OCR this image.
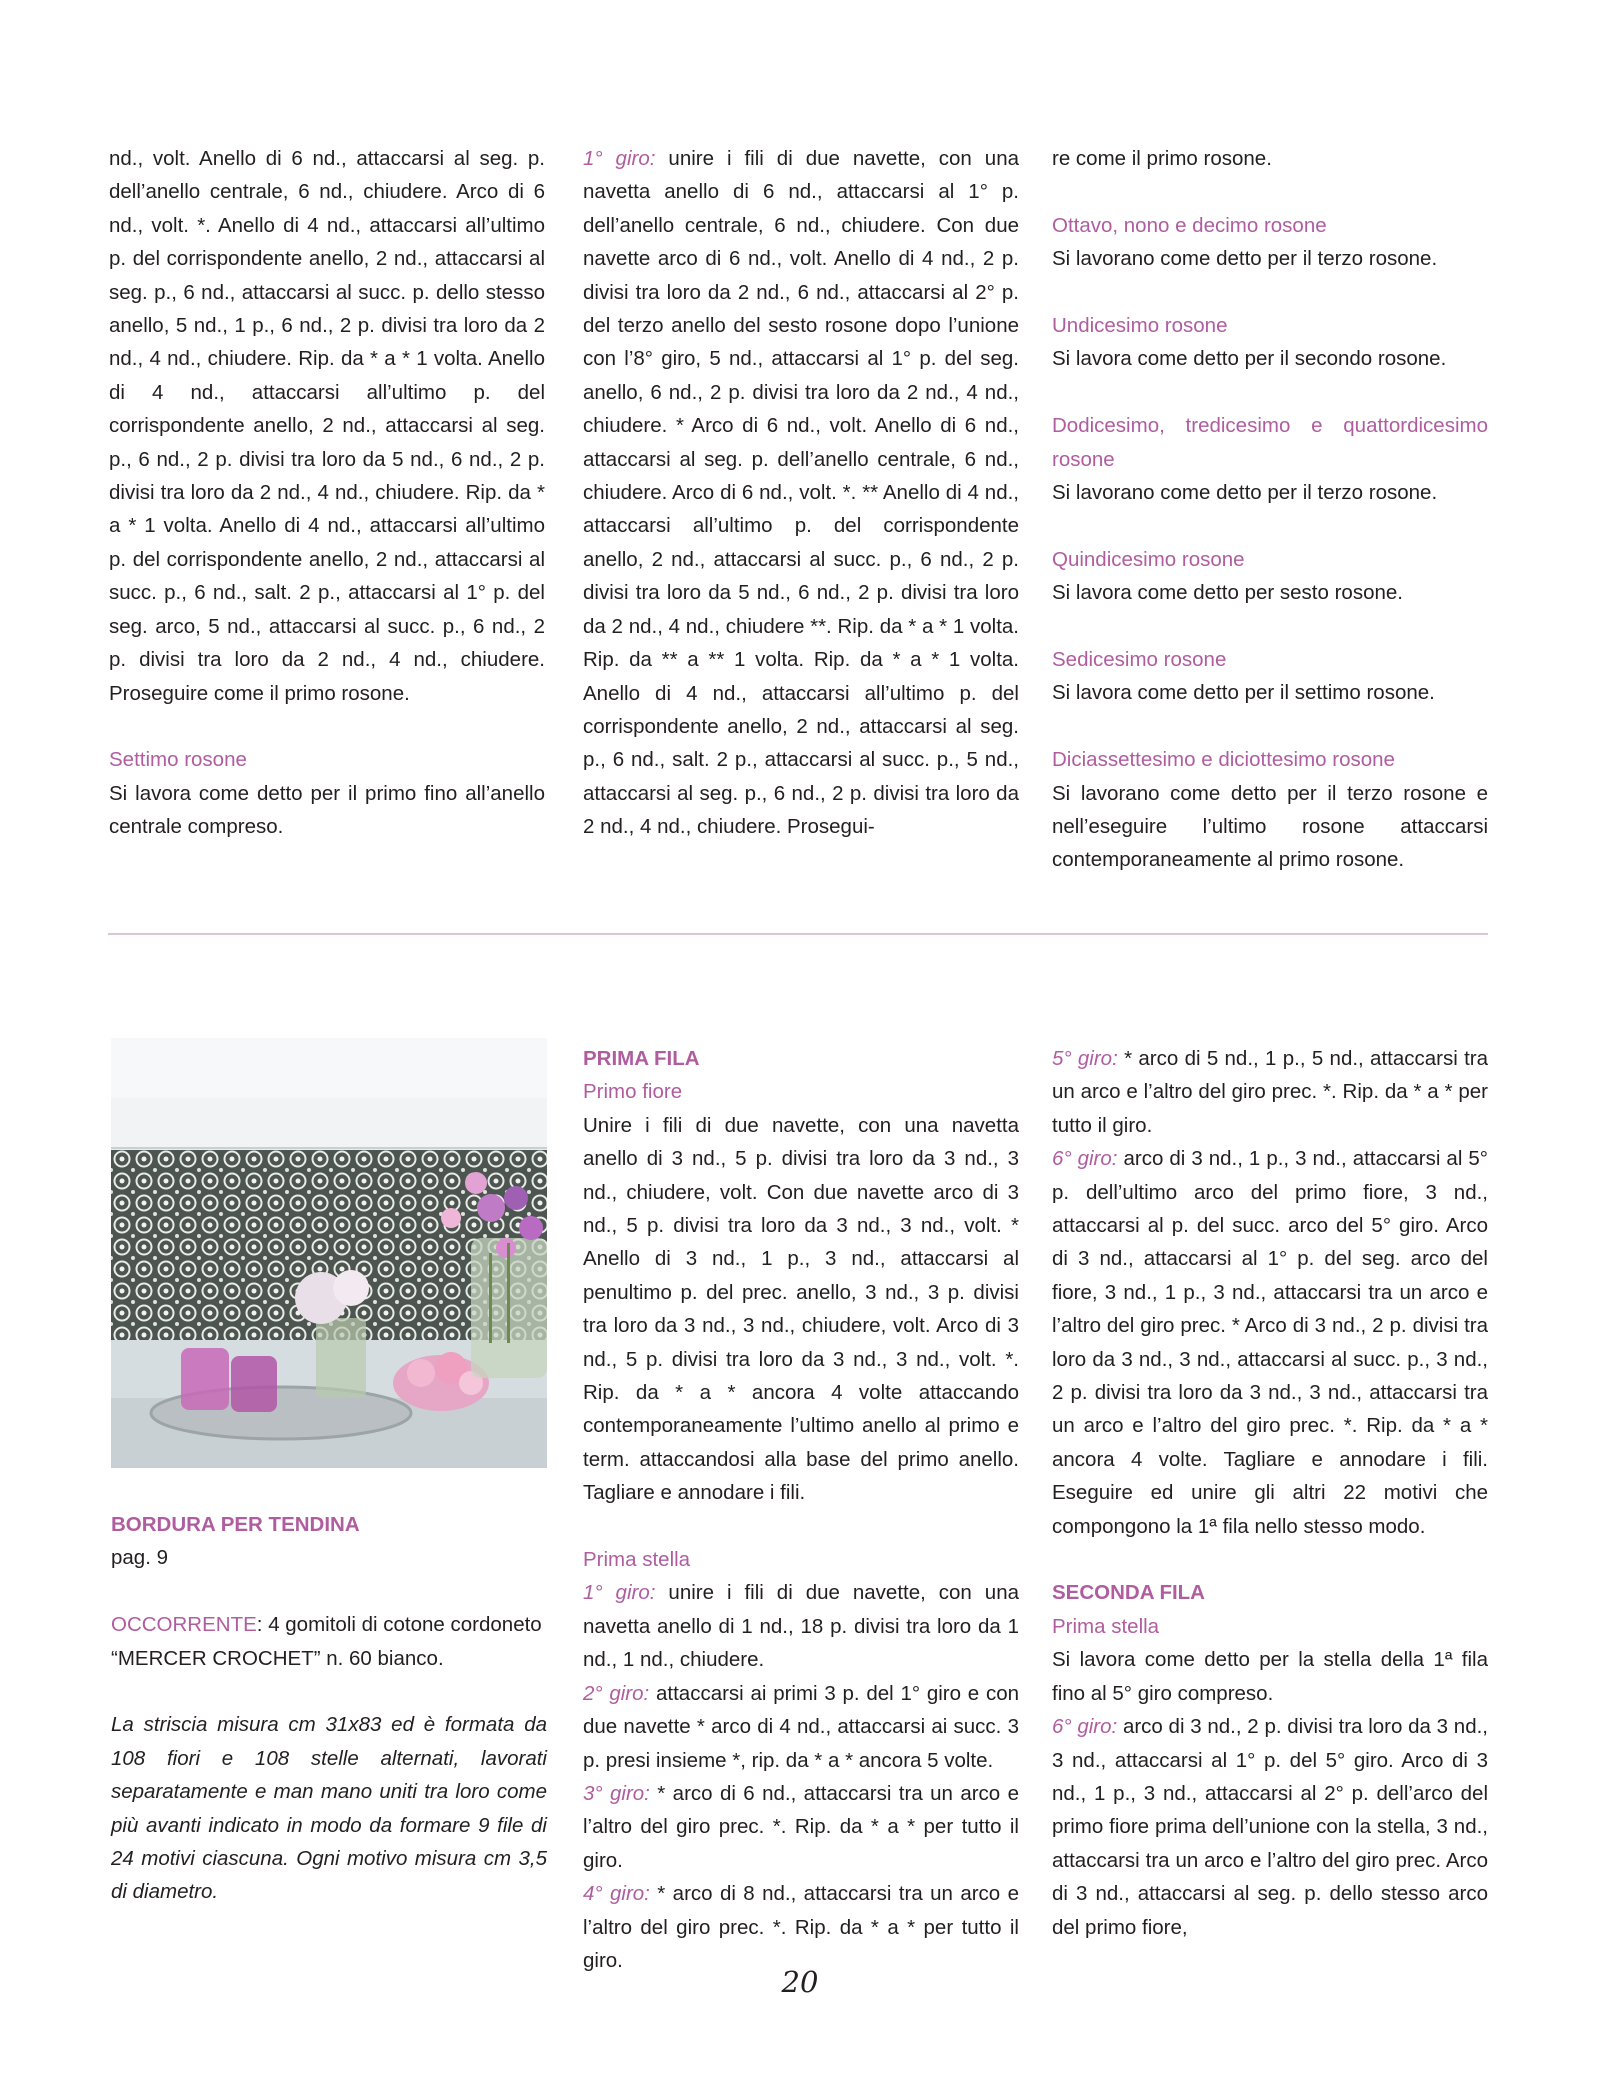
nd., volt. Anello di 6 nd., attaccarsi al seg. p. dell’anello centrale, 6 nd., chiudere. Arco di 6 nd., volt. *. Anello di 4 nd., attaccarsi all’ultimo p. del corrispondente anello, 2 nd., attaccarsi al seg. p., 6 nd., attaccarsi al succ. p. dello stesso anello, 5 nd., 1 p., 6 nd., 2 p. divisi tra loro da 2 nd., 4 nd., chiudere. Rip. da * a * 1 volta. Anello di 4 nd., attaccarsi all’ultimo p. del corrispondente anello, 2 nd., attaccarsi al seg. p., 6 nd., 2 p. divisi tra loro da 5 nd., 6 nd., 2 p. divisi tra loro da 2 nd., 4 nd., chiudere. Rip. da * a * 1 volta. Anello di 4 nd., attaccarsi all’ultimo p. del corrispondente anello, 2 nd., attaccarsi al succ. p., 6 nd., salt. 2 p., attaccarsi al 1° p. del seg. arco, 5 nd., attaccarsi al succ. p., 6 nd., 2 p. divisi tra loro da 2 nd., 4 nd., chiudere. Proseguire come il primo rosone.

Settimo rosone

Si lavora come detto per il primo fino all’anello centrale compreso.

1° giro: unire i fili di due navette, con una navetta anello di 6 nd., attaccarsi al 1° p. dell’anello centrale, 6 nd., chiudere. Con due navette arco di 6 nd., volt. Anello di 4 nd., 2 p. divisi tra loro da 2 nd., 6 nd., attaccarsi al 2° p. del terzo anello del sesto rosone dopo l’unione con l’8° giro, 5 nd., attaccarsi al 1° p. del seg. anello, 6 nd., 2 p. divisi tra loro da 2 nd., 4 nd., chiudere. * Arco di 6 nd., volt. Anello di 6 nd., attaccarsi al seg. p. dell’anello centrale, 6 nd., chiudere. Arco di 6 nd., volt. *. ** Anello di 4 nd., attaccarsi all’ultimo p. del corrispondente anello, 2 nd., attaccarsi al succ. p., 6 nd., 2 p. divisi tra loro da 5 nd., 6 nd., 2 p. divisi tra loro da 2 nd., 4 nd., chiudere **. Rip. da * a * 1 volta. Rip. da ** a ** 1 volta. Rip. da * a * 1 volta. Anello di 4 nd., attaccarsi all’ultimo p. del corrispondente anello, 2 nd., attaccarsi al seg. p., 6 nd., salt. 2 p., attaccarsi al succ. p., 5 nd., attaccarsi al seg. p., 6 nd., 2 p. divisi tra loro da 2 nd., 4 nd., chiudere. Prosegui-

re come il primo rosone.

Ottavo, nono e decimo rosone

Si lavorano come detto per il terzo rosone.

Undicesimo rosone

Si lavora come detto per il secondo rosone.

Dodicesimo, tredicesimo e quattordicesimo rosone

Si lavorano come detto per il terzo rosone.

Quindicesimo rosone

Si lavora come detto per sesto rosone.

Sedicesimo rosone

Si lavora come detto per il settimo rosone.

Diciassettesimo e diciottesimo rosone

Si lavorano come detto per il terzo rosone e nell’eseguire l’ultimo rosone attaccarsi contemporaneamente al primo rosone.

BORDURA PER TENDINA

pag. 9

OCCORRENTE: 4 gomitoli di cotone cordoneto “MERCER CROCHET” n. 60 bianco.

La striscia misura cm 31x83 ed è formata da 108 fiori e 108 stelle alternati, lavorati separatamente e man mano uniti tra loro come più avanti indicato in modo da formare 9 file di 24 motivi ciascuna. Ogni motivo misura cm 3,5 di diametro.

PRIMA FILA

Primo fiore

Unire i fili di due navette, con una navetta anello di 3 nd., 5 p. divisi tra loro da 3 nd., 3 nd., chiudere, volt. Con due navette arco di 3 nd., 5 p. divisi tra loro da 3 nd., 3 nd., volt. * Anello di 3 nd., 1 p., 3 nd., attaccarsi al penultimo p. del prec. anello, 3 nd., 3 p. divisi tra loro da 3 nd., 3 nd., chiudere, volt. Arco di 3 nd., 5 p. divisi tra loro da 3 nd., 3 nd., volt. *. Rip. da * a * ancora 4 volte attaccando contemporaneamente l’ultimo anello al primo e term. attaccandosi alla base del primo anello. Tagliare e annodare i fili.

Prima stella

1° giro: unire i fili di due navette, con una navetta anello di 1 nd., 18 p. divisi tra loro da 1 nd., 1 nd., chiudere.

2° giro: attaccarsi ai primi 3 p. del 1° giro e con due navette * arco di 4 nd., attaccarsi ai succ. 3 p. presi insieme *, rip. da * a * ancora 5 volte.

3° giro: * arco di 6 nd., attaccarsi tra un arco e l’altro del giro prec. *. Rip. da * a * per tutto il giro.

4° giro: * arco di 8 nd., attaccarsi tra un arco e l’altro del giro prec. *. Rip. da * a * per tutto il giro.

5° giro: * arco di 5 nd., 1 p., 5 nd., attaccarsi tra un arco e l’altro del giro prec. *. Rip. da * a * per tutto il giro.

6° giro: arco di 3 nd., 1 p., 3 nd., attaccarsi al 5° p. dell’ultimo arco del primo fiore, 3 nd., attaccarsi al p. del succ. arco del 5° giro. Arco di 3 nd., attaccarsi al 1° p. del seg. arco del fiore, 3 nd., 1 p., 3 nd., attaccarsi tra un arco e l’altro del giro prec. * Arco di 3 nd., 2 p. divisi tra loro da 3 nd., 3 nd., attaccarsi al succ. p., 3 nd., 2 p. divisi tra loro da 3 nd., 3 nd., attaccarsi tra un arco e l’altro del giro prec. *. Rip. da * a * ancora 4 volte. Tagliare e annodare i fili. Eseguire ed unire gli altri 22 motivi che compongono la 1ª fila nello stesso modo.

SECONDA FILA

Prima stella

Si lavora come detto per la stella della 1ª fila fino al 5° giro compreso.

6° giro: arco di 3 nd., 2 p. divisi tra loro da 3 nd., 3 nd., attaccarsi al 1° p. del 5° giro. Arco di 3 nd., 1 p., 3 nd., attaccarsi al 2° p. dell’arco del primo fiore prima dell’unione con la stella, 3 nd., attaccarsi tra un arco e l’altro del giro prec. Arco di 3 nd., attaccarsi al seg. p. dello stesso arco del primo fiore,

20
